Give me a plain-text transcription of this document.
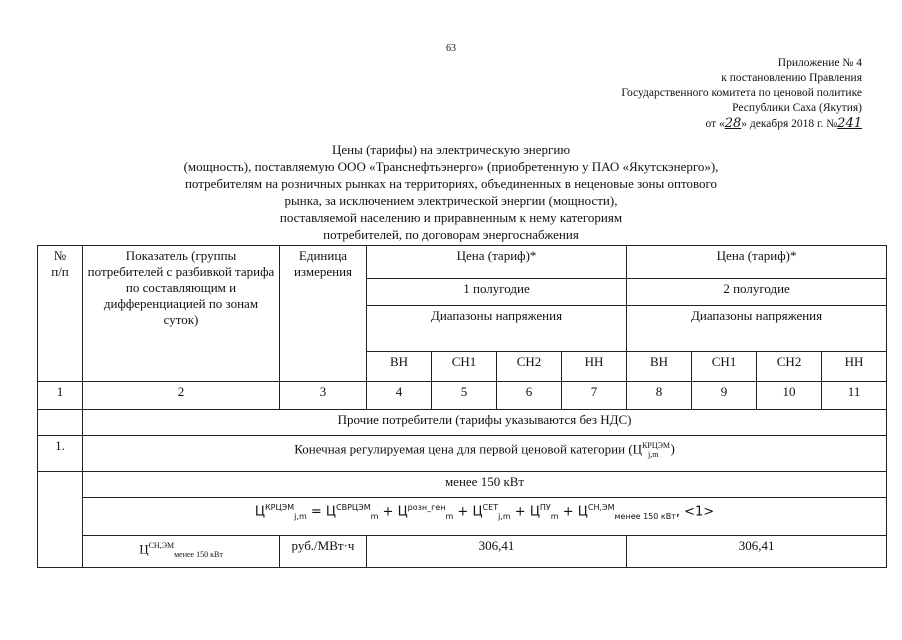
63
Приложение № 4
к постановлению Правления
Государственного комитета по ценовой политике
Республики Саха (Якутия)
от «28» декабря 2018 г. №241
Цены (тарифы) на электрическую энергию
(мощность), поставляемую ООО «Транснефтьэнерго» (приобретенную у ПАО «Якутскэнерго»),
потребителям на розничных рынках на территориях, объединенных в неценовые зоны оптового
рынка, за исключением электрической энергии (мощности),
поставляемой населению и приравненным к нему категориям
потребителей, по договорам энергоснабжения
№
п/п	Показатель (группы потребителей с разбивкой тарифа по составляющим и дифференциацией по зонам суток)	Единица измерения	Цена (тариф)*				Цена (тариф)*			
			1 полугодие				2 полугодие			
			Диапазоны напряжения				Диапазоны напряжения			
			ВН	СН1	СН2	НН	ВН	СН1	СН2	НН
1	2	3	4	5	6	7	8	9	10	11
	Прочие потребители (тарифы указываются без НДС)									
1.	Конечная регулируемая цена для первой ценовой категории ($Ц^{КРЦЭМ}_{j,m}$ )									
	менее 150 кВт									
	$Ц^{КРЦЭМ}_{j,m} = Ц^{СВРЦЭМ}_m + Ц^{розн\_ген}_m + Ц^{СЕТ}_{j,m} + Ц^{ПУ}_m + Ц^{СН,ЭМ}_{менее 150 кВт}$, <1>									
	$Ц^{СН,ЭМ}_{менее 150 кВт}$	руб./МВт·ч	306,41				306,41			
